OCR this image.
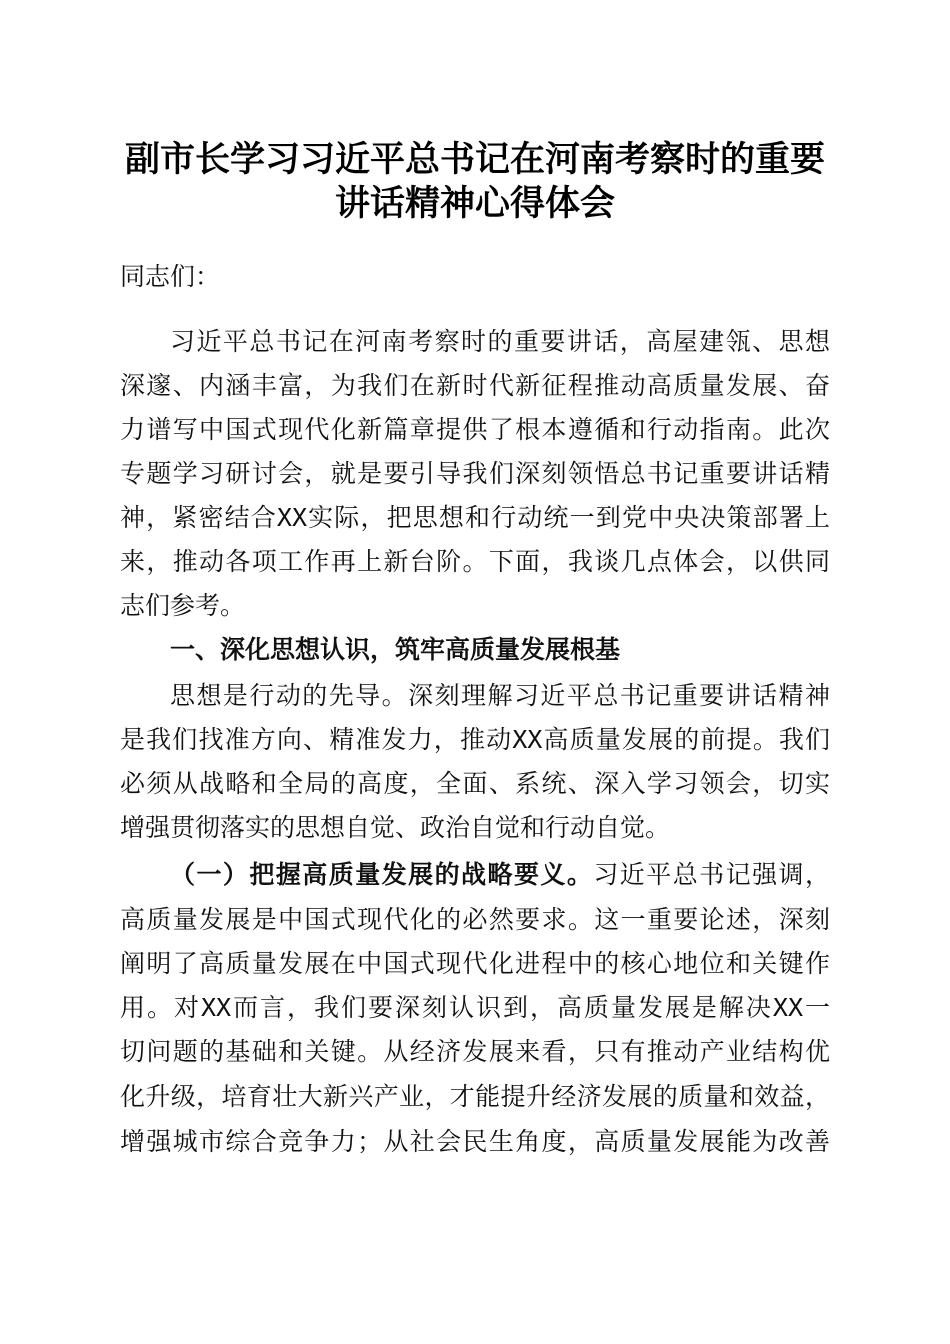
副市长学习习近平总书记在河南考察时的重要
讲话精神心得体会
同志们：
习近平总书记在河南考察时的重要讲话，高屋建瓴、思想
深邃、内涵丰富，为我们在新时代新征程推动高质量发展、奋
力谱写中国式现代化新篇章提供了根本遵循和行动指南。此次
专题学习研讨会，就是要引导我们深刻领悟总书记重要讲话精
神，紧密结合XX实际，把思想和行动统一到党中央决策部署上
来，推动各项工作再上新台阶。下面，我谈几点体会，以供同
志们参考。
一、深化思想认识，筑牢高质量发展根基
思想是行动的先导。深刻理解习近平总书记重要讲话精神
是我们找准方向、精准发力，推动XX高质量发展的前提。我们
必须从战略和全局的高度，全面、系统、深入学习领会，切实
增强贯彻落实的思想自觉、政治自觉和行动自觉。
（一）把握高质量发展的战略要义。习近平总书记强调，
高质量发展是中国式现代化的必然要求。这一重要论述，深刻
阐明了高质量发展在中国式现代化进程中的核心地位和关键作
用。对XX而言，我们要深刻认识到，高质量发展是解决XX一
切问题的基础和关键。从经济发展来看，只有推动产业结构优
化升级，培育壮大新兴产业，才能提升经济发展的质量和效益，
增强城市综合竞争力；从社会民生角度，高质量发展能为改善
